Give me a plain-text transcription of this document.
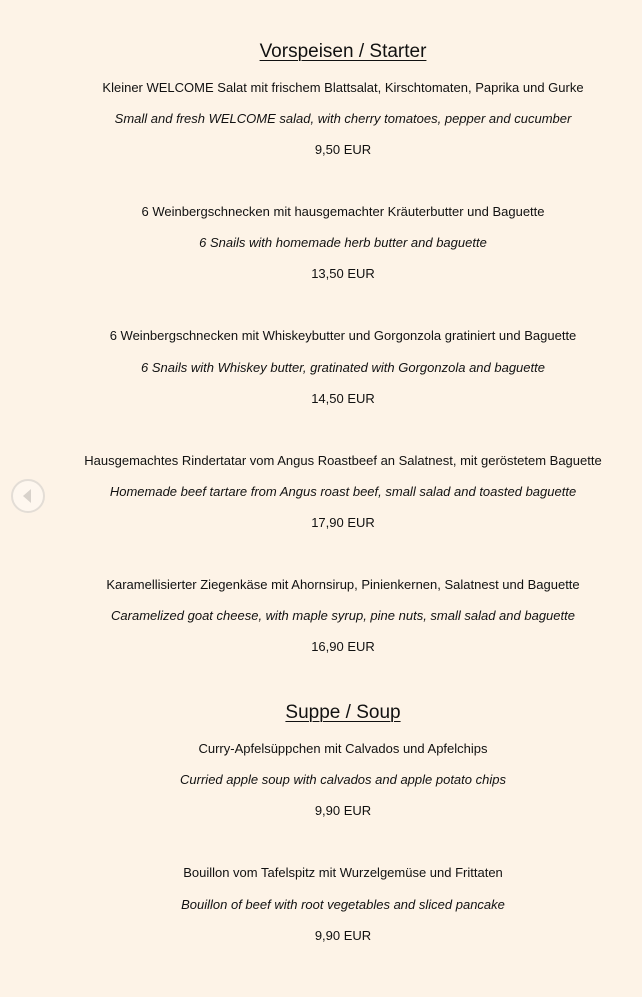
Vorspeisen / Starter
Kleiner WELCOME Salat mit frischem Blattsalat, Kirschtomaten, Paprika und Gurke
Small and fresh WELCOME salad, with cherry tomatoes, pepper and cucumber
9,50 EUR
6 Weinbergschnecken mit hausgemachter Kräuterbutter und Baguette
6 Snails with homemade herb butter and baguette
13,50 EUR
6 Weinbergschnecken mit Whiskeybutter und Gorgonzola gratiniert und Baguette
6 Snails with Whiskey butter, gratinated with Gorgonzola and baguette
14,50 EUR
Hausgemachtes Rindertatar vom Angus Roastbeef an Salatnest, mit geröstetem Baguette
Homemade beef tartare from Angus roast beef, small salad and toasted baguette
17,90 EUR
Karamellisierter Ziegenkäse mit Ahornsirup, Pinienkernen, Salatnest und Baguette
Caramelized goat cheese, with maple syrup, pine nuts, small salad and baguette
16,90 EUR
Suppe / Soup
Curry-Apfelsüppchen mit Calvados und Apfelchips
Curried apple soup with calvados and apple potato chips
9,90 EUR
Bouillon vom Tafelspitz mit Wurzelgemüse und Frittaten
Bouillon of beef with root vegetables and sliced pancake
9,90 EUR
